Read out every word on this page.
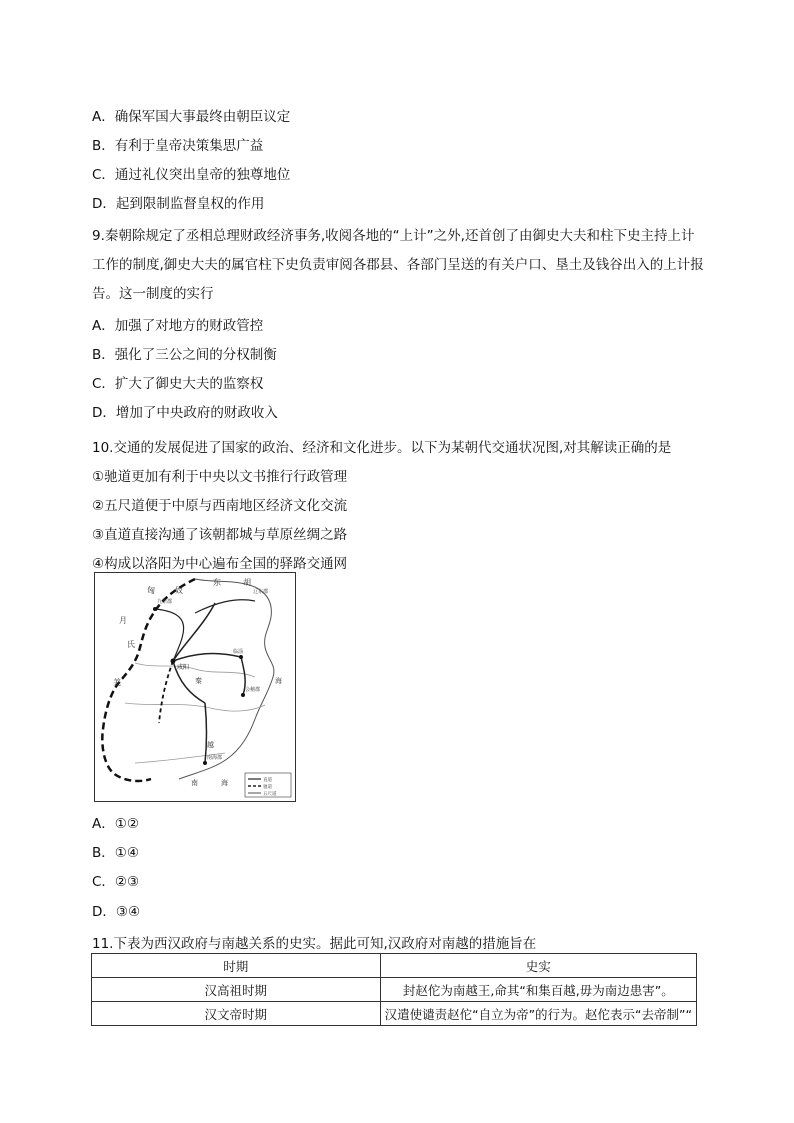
A．确保军国大事最终由朝臣议定
B．有利于皇帝决策集思广益
C．通过礼仪突出皇帝的独尊地位
D．起到限制监督皇权的作用
9.秦朝除规定了丞相总理财政经济事务,收阅各地的“上计”之外,还首创了由御史大夫和柱下史主持上计工作的制度,御史大夫的属官柱下史负责审阅各郡县、各部门呈送的有关户口、垦土及钱谷出入的上计报告。这一制度的实行
A．加强了对地方的财政管控
B．强化了三公之间的分权制衡
C．扩大了御史大夫的监察权
D．增加了中央政府的财政收入
10.交通的发展促进了国家的政治、经济和文化进步。以下为某朝代交通状况图,对其解读正确的是
①驰道更加有利于中央以文书推行行政管理
②五尺道便于中原与西南地区经济文化交流
③直道直接沟通了该朝都城与草原丝绸之路
④构成以洛阳为中心遍布全国的驿路交通网
匈	奴
东	胡
月
氏
羌
九原郡
咸阳
临淄
会稽郡
南海郡
辽东郡
秦	海
越
南	海	直道
驰道
五尺道
A．①②
B．①④
C．②③
D．③④
11.下表为西汉政府与南越关系的史实。据此可知,汉政府对南越的措施旨在
时期	史实
汉高祖时期	封赵佗为南越王,命其“和集百越,毋为南边患害”。
汉文帝时期	汉遣使谴责赵佗“自立为帝”的行为。赵佗表示“去帝制”“
